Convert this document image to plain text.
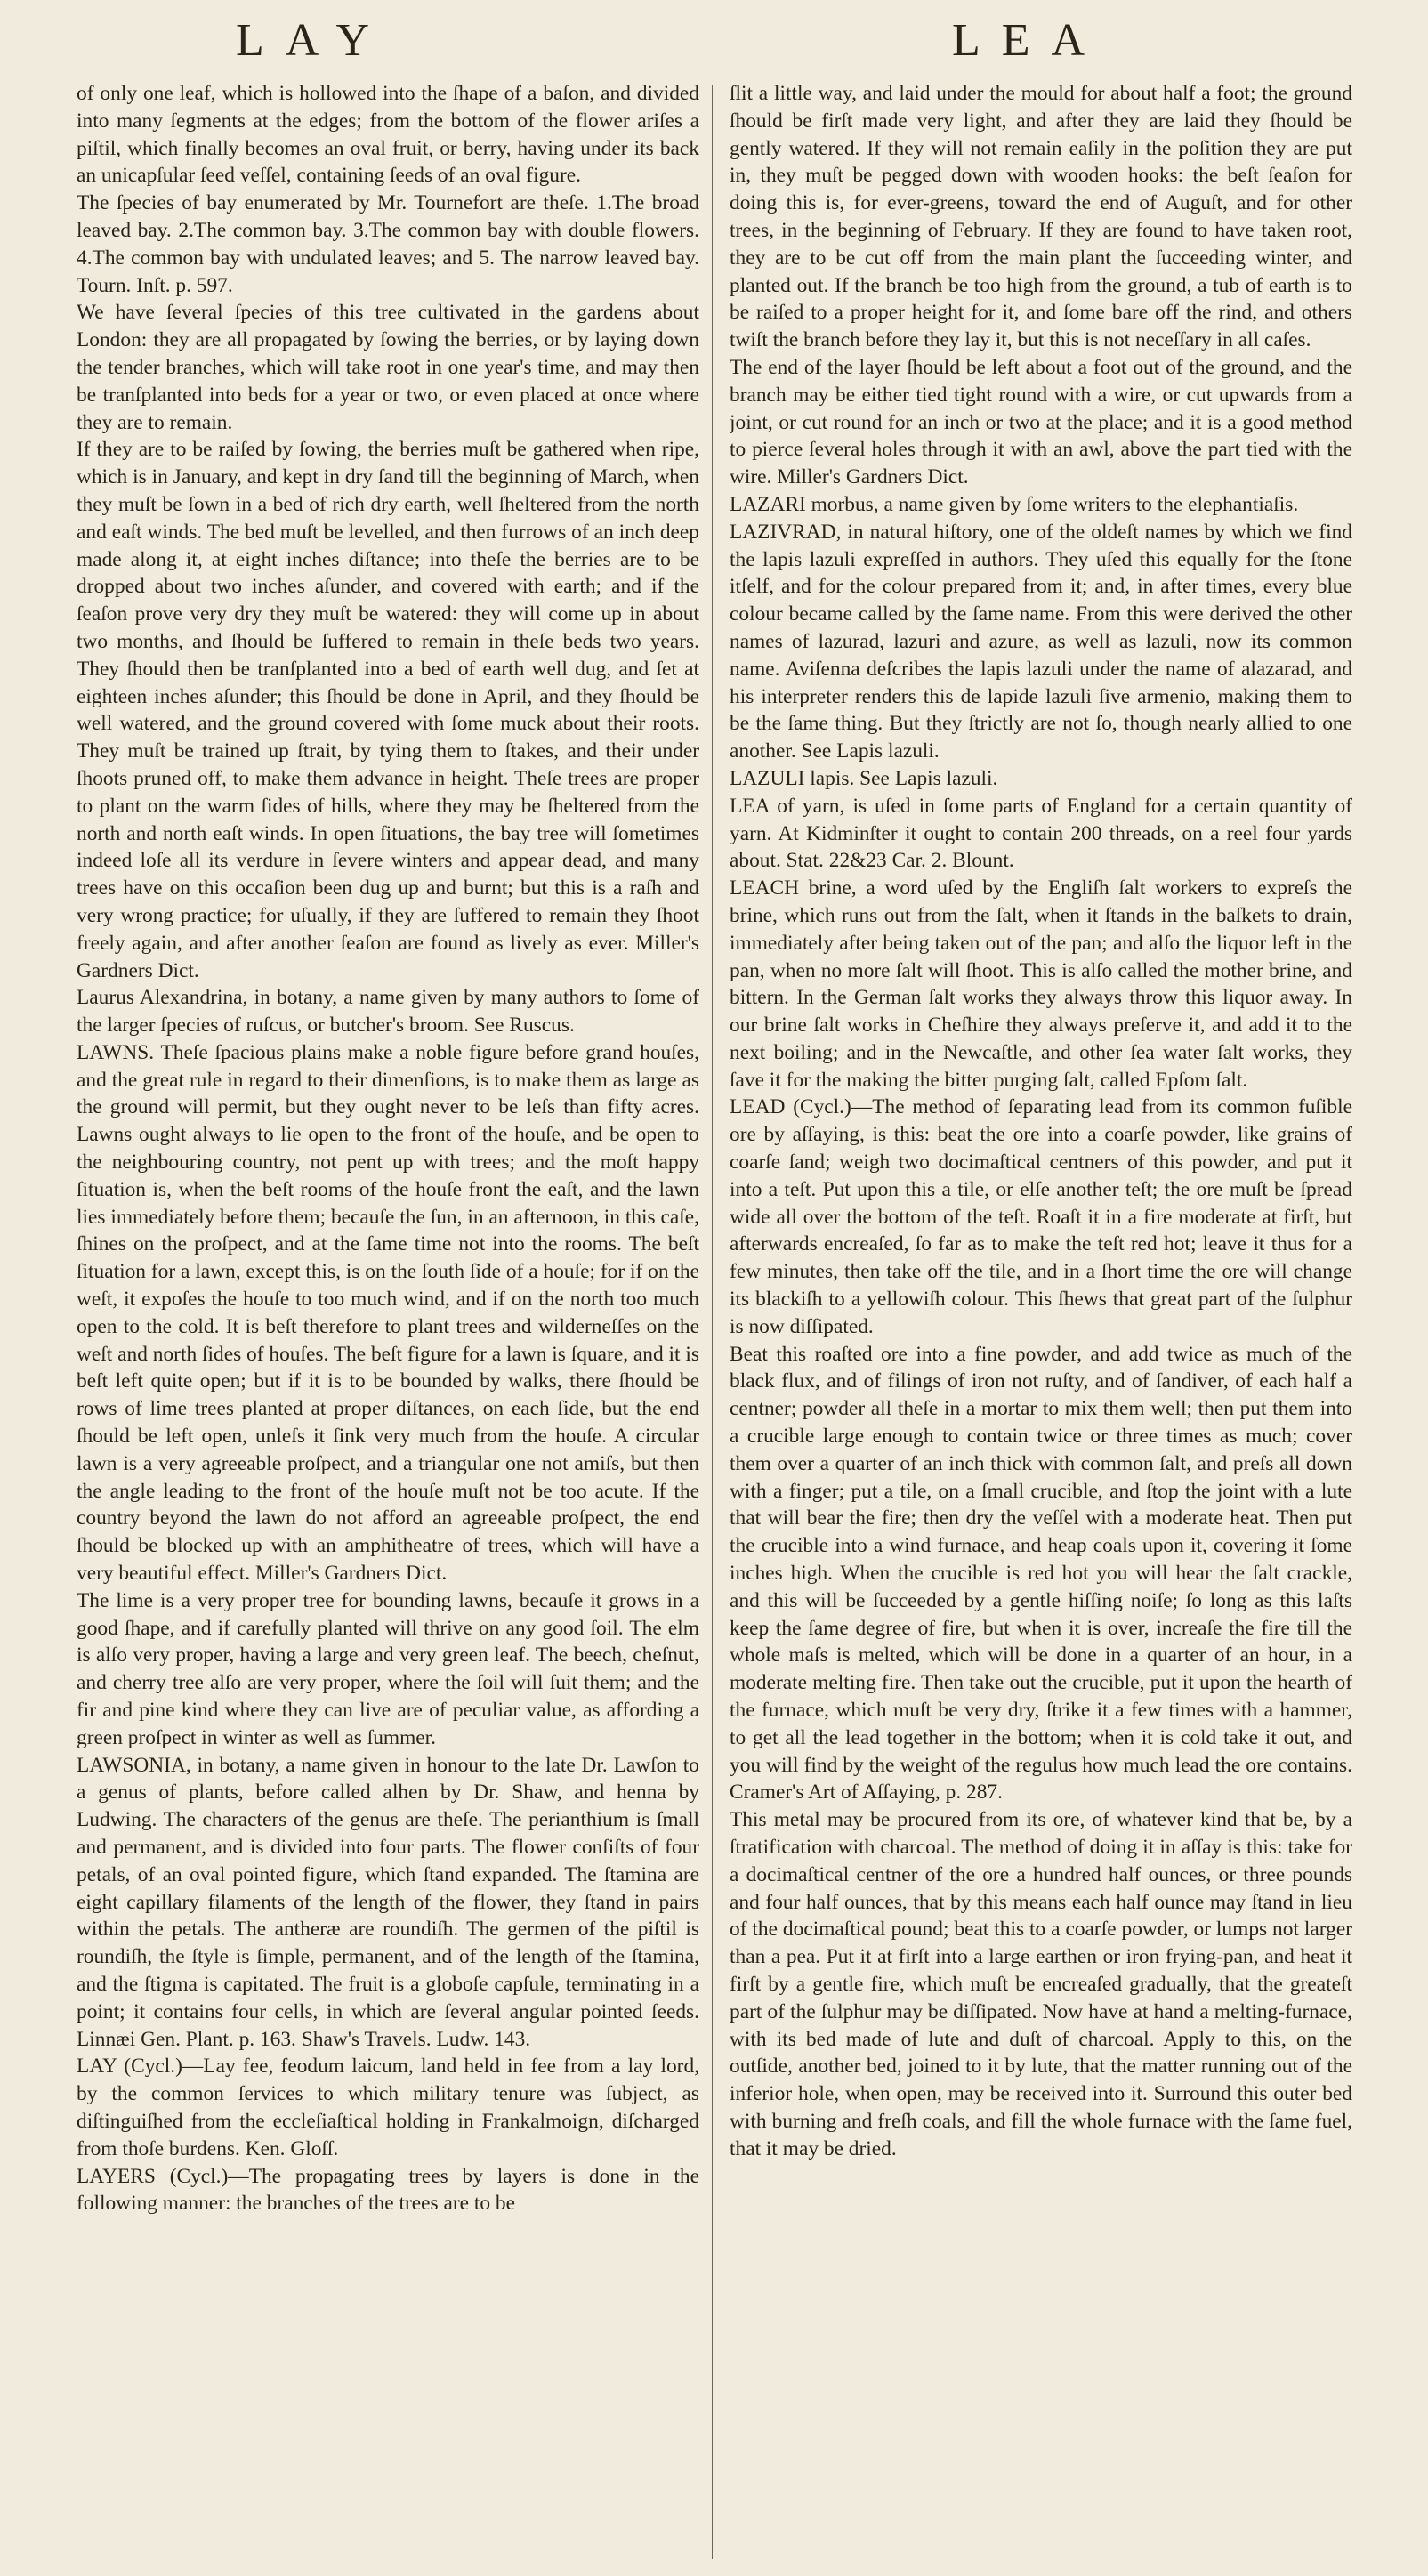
LAY	LEA

of only one leaf, which is hollowed into the ſhape of a baſon, and divided into many ſegments at the edges; from the bottom of the flower ariſes a piſtil, which finally becomes an oval fruit, or berry, having under its back an unicapſular ſeed veſſel, containing ſeeds of an oval figure.

The ſpecies of bay enumerated by Mr. Tournefort are theſe. 1.The broad leaved bay. 2.The common bay. 3.The common bay with double flowers. 4.The common bay with undulated leaves; and 5. The narrow leaved bay. Tourn. Inſt. p. 597.

We have ſeveral ſpecies of this tree cultivated in the gardens about London: they are all propagated by ſowing the berries, or by laying down the tender branches, which will take root in one year's time, and may then be tranſplanted into beds for a year or two, or even placed at once where they are to remain.

If they are to be raiſed by ſowing, the berries muſt be gathered when ripe, which is in January, and kept in dry ſand till the beginning of March, when they muſt be ſown in a bed of rich dry earth, well ſheltered from the north and eaſt winds. The bed muſt be levelled, and then furrows of an inch deep made along it, at eight inches diſtance; into theſe the berries are to be dropped about two inches aſunder, and covered with earth; and if the ſeaſon prove very dry they muſt be watered: they will come up in about two months, and ſhould be ſuffered to remain in theſe beds two years. They ſhould then be tranſplanted into a bed of earth well dug, and ſet at eighteen inches aſunder; this ſhould be done in April, and they ſhould be well watered, and the ground covered with ſome muck about their roots. They muſt be trained up ſtrait, by tying them to ſtakes, and their under ſhoots pruned off, to make them advance in height. Theſe trees are proper to plant on the warm ſides of hills, where they may be ſheltered from the north and north eaſt winds. In open ſituations, the bay tree will ſometimes indeed loſe all its verdure in ſevere winters and appear dead, and many trees have on this occaſion been dug up and burnt; but this is a raſh and very wrong practice; for uſually, if they are ſuffered to remain they ſhoot freely again, and after another ſeaſon are found as lively as ever. Miller's Gardners Dict.

Laurus Alexandrina, in botany, a name given by many authors to ſome of the larger ſpecies of ruſcus, or butcher's broom. See Ruscus.

LAWNS. Theſe ſpacious plains make a noble figure before grand houſes, and the great rule in regard to their dimenſions, is to make them as large as the ground will permit, but they ought never to be leſs than fifty acres. Lawns ought always to lie open to the front of the houſe, and be open to the neighbouring country, not pent up with trees; and the moſt happy ſituation is, when the beſt rooms of the houſe front the eaſt, and the lawn lies immediately before them; becauſe the ſun, in an afternoon, in this caſe, ſhines on the proſpect, and at the ſame time not into the rooms. The beſt ſituation for a lawn, except this, is on the ſouth ſide of a houſe; for if on the weſt, it expoſes the houſe to too much wind, and if on the north too much open to the cold. It is beſt therefore to plant trees and wilderneſſes on the weſt and north ſides of houſes. The beſt figure for a lawn is ſquare, and it is beſt left quite open; but if it is to be bounded by walks, there ſhould be rows of lime trees planted at proper diſtances, on each ſide, but the end ſhould be left open, unleſs it ſink very much from the houſe. A circular lawn is a very agreeable proſpect, and a triangular one not amiſs, but then the angle leading to the front of the houſe muſt not be too acute. If the country beyond the lawn do not afford an agreeable proſpect, the end ſhould be blocked up with an amphitheatre of trees, which will have a very beautiful effect. Miller's Gardners Dict.

The lime is a very proper tree for bounding lawns, becauſe it grows in a good ſhape, and if carefully planted will thrive on any good ſoil. The elm is alſo very proper, having a large and very green leaf. The beech, cheſnut, and cherry tree alſo are very proper, where the ſoil will ſuit them; and the fir and pine kind where they can live are of peculiar value, as affording a green proſpect in winter as well as ſummer.

LAWSONIA, in botany, a name given in honour to the late Dr. Lawſon to a genus of plants, before called alhen by Dr. Shaw, and henna by Ludwing. The characters of the genus are theſe. The perianthium is ſmall and permanent, and is divided into four parts. The flower conſiſts of four petals, of an oval pointed figure, which ſtand expanded. The ſtamina are eight capillary filaments of the length of the flower, they ſtand in pairs within the petals. The antheræ are roundiſh. The germen of the piſtil is roundiſh, the ſtyle is ſimple, permanent, and of the length of the ſtamina, and the ſtigma is capitated. The fruit is a globoſe capſule, terminating in a point; it contains four cells, in which are ſeveral angular pointed ſeeds. Linnæi Gen. Plant. p. 163. Shaw's Travels. Ludw. 143.

LAY (Cycl.)—Lay fee, feodum laicum, land held in fee from a lay lord, by the common ſervices to which military tenure was ſubject, as diſtinguiſhed from the eccleſiaſtical holding in Frankalmoign, diſcharged from thoſe burdens. Ken. Gloſſ.

LAYERS (Cycl.)—The propagating trees by layers is done in the following manner: the branches of the trees are to be

ſlit a little way, and laid under the mould for about half a foot; the ground ſhould be firſt made very light, and after they are laid they ſhould be gently watered. If they will not remain eaſily in the poſition they are put in, they muſt be pegged down with wooden hooks: the beſt ſeaſon for doing this is, for ever-greens, toward the end of Auguſt, and for other trees, in the beginning of February. If they are found to have taken root, they are to be cut off from the main plant the ſucceeding winter, and planted out. If the branch be too high from the ground, a tub of earth is to be raiſed to a proper height for it, and ſome bare off the rind, and others twiſt the branch before they lay it, but this is not neceſſary in all caſes.

The end of the layer ſhould be left about a foot out of the ground, and the branch may be either tied tight round with a wire, or cut upwards from a joint, or cut round for an inch or two at the place; and it is a good method to pierce ſeveral holes through it with an awl, above the part tied with the wire. Miller's Gardners Dict.

LAZARI morbus, a name given by ſome writers to the elephantiaſis.

LAZIVRAD, in natural hiſtory, one of the oldeſt names by which we find the lapis lazuli expreſſed in authors. They uſed this equally for the ſtone itſelf, and for the colour prepared from it; and, in after times, every blue colour became called by the ſame name. From this were derived the other names of lazurad, lazuri and azure, as well as lazuli, now its common name. Aviſenna deſcribes the lapis lazuli under the name of alazarad, and his interpreter renders this de lapide lazuli ſive armenio, making them to be the ſame thing. But they ſtrictly are not ſo, though nearly allied to one another. See Lapis lazuli.

LAZULI lapis. See Lapis lazuli.

LEA of yarn, is uſed in ſome parts of England for a certain quantity of yarn. At Kidminſter it ought to contain 200 threads, on a reel four yards about. Stat. 22&23 Car. 2. Blount.

LEACH brine, a word uſed by the Engliſh ſalt workers to expreſs the brine, which runs out from the ſalt, when it ſtands in the baſkets to drain, immediately after being taken out of the pan; and alſo the liquor left in the pan, when no more ſalt will ſhoot. This is alſo called the mother brine, and bittern. In the German ſalt works they always throw this liquor away. In our brine ſalt works in Cheſhire they always preſerve it, and add it to the next boiling; and in the Newcaſtle, and other ſea water ſalt works, they ſave it for the making the bitter purging ſalt, called Epſom ſalt.

LEAD (Cycl.)—The method of ſeparating lead from its common fuſible ore by aſſaying, is this: beat the ore into a coarſe powder, like grains of coarſe ſand; weigh two docimaſtical centners of this powder, and put it into a teſt. Put upon this a tile, or elſe another teſt; the ore muſt be ſpread wide all over the bottom of the teſt. Roaſt it in a fire moderate at firſt, but afterwards encreaſed, ſo far as to make the teſt red hot; leave it thus for a few minutes, then take off the tile, and in a ſhort time the ore will change its blackiſh to a yellowiſh colour. This ſhews that great part of the ſulphur is now diſſipated.

Beat this roaſted ore into a fine powder, and add twice as much of the black flux, and of filings of iron not ruſty, and of ſandiver, of each half a centner; powder all theſe in a mortar to mix them well; then put them into a crucible large enough to contain twice or three times as much; cover them over a quarter of an inch thick with common ſalt, and preſs all down with a finger; put a tile, on a ſmall crucible, and ſtop the joint with a lute that will bear the fire; then dry the veſſel with a moderate heat. Then put the crucible into a wind furnace, and heap coals upon it, covering it ſome inches high. When the crucible is red hot you will hear the ſalt crackle, and this will be ſucceeded by a gentle hiſſing noiſe; ſo long as this laſts keep the ſame degree of fire, but when it is over, increaſe the fire till the whole maſs is melted, which will be done in a quarter of an hour, in a moderate melting fire. Then take out the crucible, put it upon the hearth of the furnace, which muſt be very dry, ſtrike it a few times with a hammer, to get all the lead together in the bottom; when it is cold take it out, and you will find by the weight of the regulus how much lead the ore contains. Cramer's Art of Aſſaying, p. 287.

This metal may be procured from its ore, of whatever kind that be, by a ſtratification with charcoal. The method of doing it in aſſay is this: take for a docimaſtical centner of the ore a hundred half ounces, or three pounds and four half ounces, that by this means each half ounce may ſtand in lieu of the docimaſtical pound; beat this to a coarſe powder, or lumps not larger than a pea. Put it at firſt into a large earthen or iron frying-pan, and heat it firſt by a gentle fire, which muſt be encreaſed gradually, that the greateſt part of the ſulphur may be diſſipated. Now have at hand a melting-furnace, with its bed made of lute and duſt of charcoal. Apply to this, on the outſide, another bed, joined to it by lute, that the matter running out of the inferior hole, when open, may be received into it. Surround this outer bed with burning and freſh coals, and fill the whole furnace with the ſame fuel, that it may be dried.
